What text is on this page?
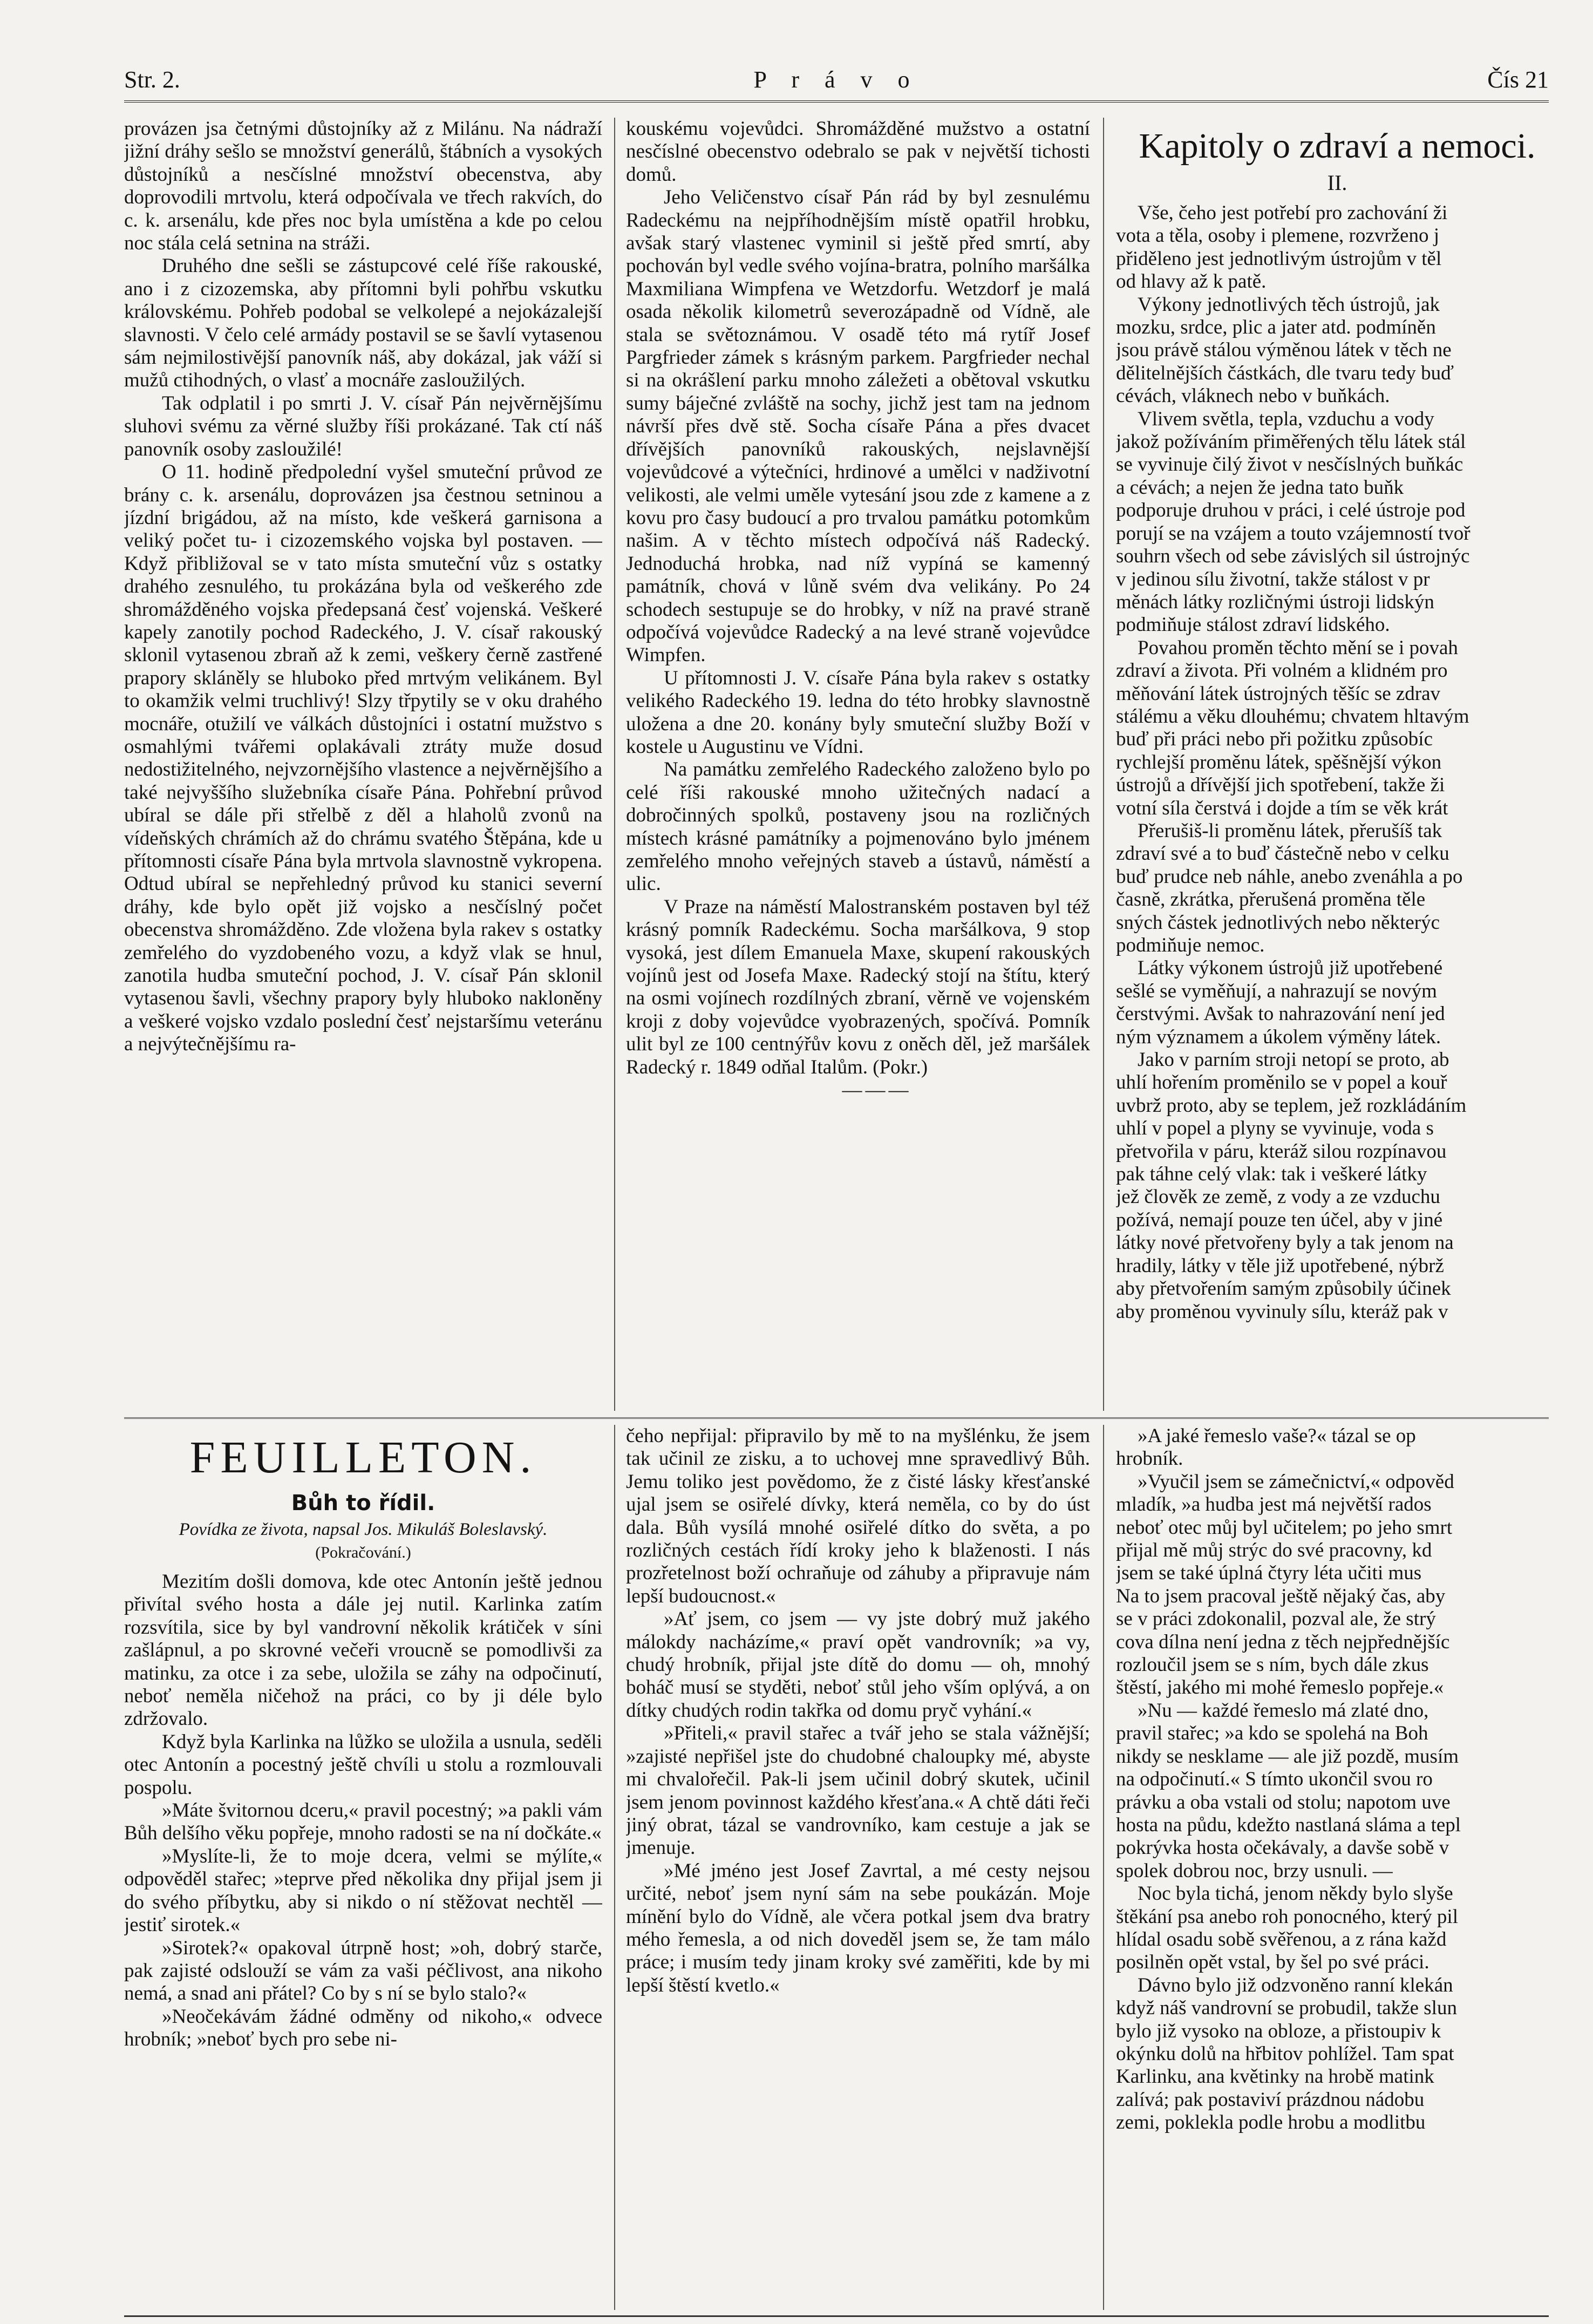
Str. 2.	P r á v o	Čís 21

provázen jsa četnými důstojníky až z Milánu. Na nádraží jižní dráhy sešlo se množství generálů, štábních a vysokých důstojníků a nesčíslné množství obecenstva, aby doprovodili mrtvolu, která odpočívala ve třech rakvích, do c. k. arsenálu, kde přes noc byla umístěna a kde po celou noc stála celá setnina na stráži.

Druhého dne sešli se zástupcové celé říše rakouské, ano i z cizozemska, aby přítomni byli pohřbu vskutku královskému. Pohřeb podobal se velkolepé a nejokázalejší slavnosti. V čelo celé armády postavil se se šavlí vytasenou sám nejmilostivější panovník náš, aby dokázal, jak váží si mužů ctihodných, o vlasť a mocnáře zasloužilých.

Tak odplatil i po smrti J. V. císař Pán nejvěrnějšímu sluhovi svému za věrné služby říši prokázané. Tak ctí náš panovník osoby zasloužilé!

O 11. hodině předpolední vyšel smuteční průvod ze brány c. k. arsenálu, doprovázen jsa čestnou setninou a jízdní brigádou, až na místo, kde veškerá garnisona a veliký počet tu- i cizozemského vojska byl postaven. — Když přibližoval se v tato místa smuteční vůz s ostatky drahého zesnulého, tu prokázána byla od veškerého zde shromážděného vojska předepsaná česť vojenská. Veškeré kapely zanotily pochod Radeckého, J. V. císař rakouský sklonil vytasenou zbraň až k zemi, veškery černě zastřené prapory skláněly se hluboko před mrtvým velikánem. Byl to okamžik velmi truchlivý! Slzy třpytily se v oku drahého mocnáře, otužilí ve válkách důstojníci i ostatní mužstvo s osmahlými tvářemi oplakávali ztráty muže dosud nedostižitelného, nejvzornějšího vlastence a nejvěrnějšího a také nejvyššího služebníka císaře Pána. Pohřební průvod ubíral se dále při střelbě z děl a hlaholů zvonů na vídeňských chrámích až do chrámu svatého Štěpána, kde u přítomnosti císaře Pána byla mrtvola slavnostně vykropena. Odtud ubíral se nepřehledný průvod ku stanici severní dráhy, kde bylo opět již vojsko a nesčíslný počet obecenstva shromážděno. Zde vložena byla rakev s ostatky zemřelého do vyzdobeného vozu, a když vlak se hnul, zanotila hudba smuteční pochod, J. V. císař Pán sklonil vytasenou šavli, všechny prapory byly hluboko nakloněny a veškeré vojsko vzdalo poslední česť nejstaršímu veteránu a nejvýtečnějšímu ra-

kouskému vojevůdci. Shromážděné mužstvo a ostatní nesčíslné obecenstvo odebralo se pak v největší tichosti domů.

Jeho Veličenstvo císař Pán rád by byl zesnulému Radeckému na nejpříhodnějším místě opatřil hrobku, avšak starý vlastenec vyminil si ještě před smrtí, aby pochován byl vedle svého vojína-bratra, polního maršálka Maxmiliana Wimpfena ve Wetzdorfu. Wetzdorf je malá osada několik kilometrů severozápadně od Vídně, ale stala se světoznámou. V osadě této má rytíř Josef Pargfrieder zámek s krásným parkem. Pargfrieder nechal si na okrášlení parku mnoho záležeti a obětoval vskutku sumy báječné zvláště na sochy, jichž jest tam na jednom návrší přes dvě stě. Socha císaře Pána a přes dvacet dřívějších panovníků rakouských, nejslavnější vojevůdcové a výtečníci, hrdinové a umělci v nadživotní velikosti, ale velmi uměle vytesání jsou zde z kamene a z kovu pro časy budoucí a pro trvalou památku potomkům našim. A v těchto místech odpočívá náš Radecký. Jednoduchá hrobka, nad níž vypíná se kamenný památník, chová v lůně svém dva velikány. Po 24 schodech sestupuje se do hrobky, v níž na pravé straně odpočívá vojevůdce Radecký a na levé straně vojevůdce Wimpfen.

U přítomnosti J. V. císaře Pána byla rakev s ostatky velikého Radeckého 19. ledna do této hrobky slavnostně uložena a dne 20. konány byly smuteční služby Boží v kostele u Augustinu ve Vídni.

Na památku zemřelého Radeckého založeno bylo po celé říši rakouské mnoho užitečných nadací a dobročinných spolků, postaveny jsou na rozličných místech krásné památníky a pojmenováno bylo jménem zemřelého mnoho veřejných staveb a ústavů, náměstí a ulic.

V Praze na náměstí Malostranském postaven byl též krásný pomník Radeckému. Socha maršálkova, 9 stop vysoká, jest dílem Emanuela Maxe, skupení rakouských vojínů jest od Josefa Maxe. Radecký stojí na štítu, který na osmi vojínech rozdílných zbraní, věrně ve vojenském kroji z doby vojevůdce vyobrazených, spočívá. Pomník ulit byl ze 100 centnýřův kovu z oněch děl, jež maršálek Radecký r. 1849 odňal Italům. (Pokr.)

———

Kapitoly o zdraví a nemoci.
II.
Vše, čeho jest potřebí pro zachování ži
vota a těla, osoby i plemene, rozvrženo j
přiděleno jest jednotlivým ústrojům v těl
od hlavy až k patě.
Výkony jednotlivých těch ústrojů, jak
mozku, srdce, plic a jater atd. podmíněn
jsou právě stálou výměnou látek v těch ne
dělitelnějších částkách, dle tvaru tedy buď
cévách, vláknech nebo v buňkách.
Vlivem světla, tepla, vzduchu a vody
jakož požíváním přiměřených tělu látek stál
se vyvinuje čilý život v nesčíslných buňkác
a cévách; a nejen že jedna tato buňk
podporuje druhou v práci, i celé ústroje pod
porují se na vzájem a touto vzájemností tvoř
souhrn všech od sebe závislých sil ústrojnýc
v jedinou sílu životní, takže stálost v pr
měnách látky rozličnými ústroji lidskýn
podmiňuje stálost zdraví lidského.
Povahou proměn těchto mění se i povah
zdraví a života. Při volném a klidném pro
měňování látek ústrojných těšíc se zdrav
stálému a věku dlouhému; chvatem hltavým
buď při práci nebo při požitku způsobíc
rychlejší proměnu látek, spěšnější výkon
ústrojů a dřívější jich spotřebení, takže ži
votní síla čerstvá i dojde a tím se věk krát
Přerušiš-li proměnu látek, přerušíš tak
zdraví své a to buď částečně nebo v celku
buď prudce neb náhle, anebo zvenáhla a po
časně, zkrátka, přerušená proměna těle
sných částek jednotlivých nebo některýc
podmiňuje nemoc.
Látky výkonem ústrojů již upotřebené
sešlé se vyměňují, a nahrazují se novým
čerstvými. Avšak to nahrazování není jed
ným významem a úkolem výměny látek.
Jako v parním stroji netopí se proto, ab
uhlí hořením proměnilo se v popel a kouř
uvbrž proto, aby se teplem, jež rozkládáním
uhlí v popel a plyny se vyvinuje, voda s
přetvořila v páru, kteráž silou rozpínavou
pak táhne celý vlak: tak i veškeré látky
jež člověk ze země, z vody a ze vzduchu
požívá, nemají pouze ten účel, aby v jiné
látky nové přetvořeny byly a tak jenom na
hradily, látky v těle již upotřebené, nýbrž
aby přetvořením samým způsobily účinek
aby proměnou vyvinuly sílu, kteráž pak v
FEUILLETON.
Bůh to řídil.
Povídka ze života, napsal Jos. Mikuláš Boleslavský.
(Pokračování.)

Mezitím došli domova, kde otec Antonín ještě jednou přivítal svého hosta a dále jej nutil. Karlinka zatím rozsvítila, sice by byl vandrovní několik krátiček v síni zašlápnul, a po skrovné večeři vroucně se pomodlivši za matinku, za otce i za sebe, uložila se záhy na odpočinutí, neboť neměla ničehož na práci, co by ji déle bylo zdržovalo.

Když byla Karlinka na lůžko se uložila a usnula, seděli otec Antonín a pocestný ještě chvíli u stolu a rozmlouvali pospolu.

»Máte švitornou dceru,« pravil pocestný; »a pakli vám Bůh delšího věku popřeje, mnoho radosti se na ní dočkáte.«

»Myslíte-li, že to moje dcera, velmi se mýlíte,« odpověděl stařec; »teprve před několika dny přijal jsem ji do svého příbytku, aby si nikdo o ní stěžovat nechtěl — jestiť sirotek.«

»Sirotek?« opakoval útrpně host; »oh, dobrý starče, pak zajisté odslouží se vám za vaši péčlivost, ana nikoho nemá, a snad ani přátel? Co by s ní se bylo stalo?«

»Neočekávám žádné odměny od nikoho,« odvece hrobník; »neboť bych pro sebe ni-

čeho nepřijal: připravilo by mě to na myšlénku, že jsem tak učinil ze zisku, a to uchovej mne spravedlivý Bůh. Jemu toliko jest povědomo, že z čisté lásky křesťanské ujal jsem se osiřelé dívky, která neměla, co by do úst dala. Bůh vysílá mnohé osiřelé dítko do světa, a po rozličných cestách řídí kroky jeho k blaženosti. I nás prozřetelnost boží ochraňuje od záhuby a připravuje nám lepší budoucnost.«

»Ať jsem, co jsem — vy jste dobrý muž jakého málokdy nacházíme,« praví opět vandrovník; »a vy, chudý hrobník, přijal jste dítě do domu — oh, mnohý boháč musí se styděti, neboť stůl jeho vším oplývá, a on dítky chudých rodin takřka od domu pryč vyhání.«

»Přiteli,« pravil stařec a tvář jeho se stala vážnější; »zajisté nepřišel jste do chudobné chaloupky mé, abyste mi chvalořečil. Pak-li jsem učinil dobrý skutek, učinil jsem jenom povinnost každého křesťana.« A chtě dáti řeči jiný obrat, tázal se vandrovníko, kam cestuje a jak se jmenuje.

»Mé jméno jest Josef Zavrtal, a mé cesty nejsou určité, neboť jsem nyní sám na sebe poukázán. Moje mínění bylo do Vídně, ale včera potkal jsem dva bratry mého řemesla, a od nich doveděl jsem se, že tam málo práce; i musím tedy jinam kroky své zaměřiti, kde by mi lepší štěstí kvetlo.«

»A jaké řemeslo vaše?« tázal se op
hrobník.
»Vyučil jsem se zámečnictví,« odpověd
mladík, »a hudba jest má největší rados
neboť otec můj byl učitelem; po jeho smrt
přijal mě můj strýc do své pracovny, kd
jsem se také úplná čtyry léta učiti mus
Na to jsem pracoval ještě nějaký čas, aby
se v práci zdokonalil, pozval ale, že strý
cova dílna není jedna z těch nejpřednějšíc
rozloučil jsem se s ním, bych dále zkus
štěstí, jakého mi mohé řemeslo popřeje.«
»Nu — každé řemeslo má zlaté dno,
pravil stařec; »a kdo se spolehá na Boh
nikdy se nesklame — ale již pozdě, musím
na odpočinutí.« S tímto ukončil svou ro
právku a oba vstali od stolu; napotom uve
hosta na půdu, kdežto nastlaná sláma a tepl
pokrývka hosta očekávaly, a davše sobě v
spolek dobrou noc, brzy usnuli. —
Noc byla tichá, jenom někdy bylo slyše
štěkání psa anebo roh ponocného, který pil
hlídal osadu sobě svěřenou, a z rána každ
posilněn opět vstal, by šel po své práci.
Dávno bylo již odzvoněno ranní klekán
když náš vandrovní se probudil, takže slun
bylo již vysoko na obloze, a přistoupiv k
okýnku dolů na hřbitov pohlížel. Tam spat
Karlinku, ana květinky na hrobě matink
zalívá; pak postaviví prázdnou nádobu
zemi, poklekla podle hrobu a modlitbu
